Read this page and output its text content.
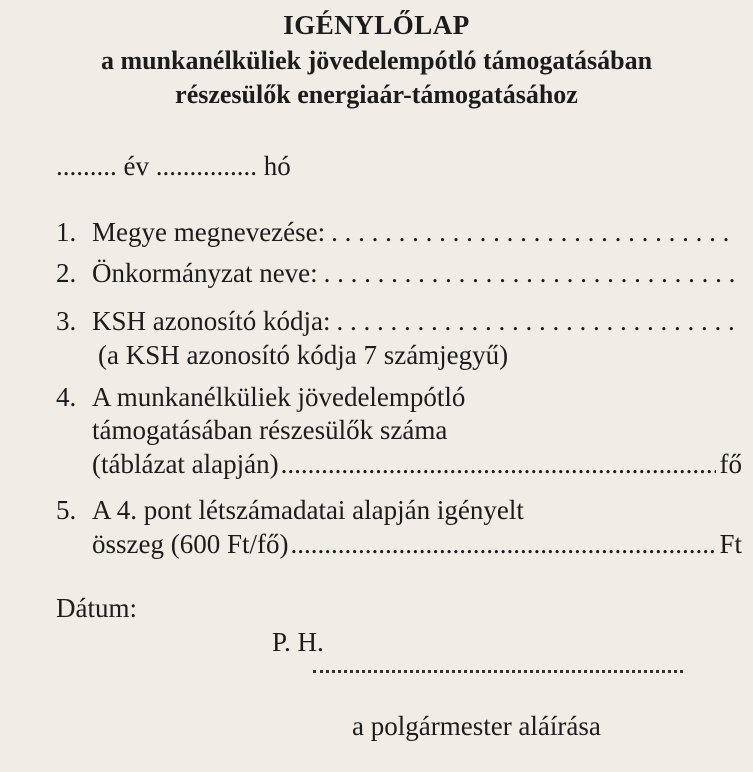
IGÉNYLŐLAP
a munkanélküliek jövedelempótló támogatásában
részesülők energiaár-támogatásához
......... év ............... hó
1. Megye megnevezése:
. . .
2. Önkormányzat neve:
. . .
3. KSH azonosító kódja:
. . .
(a KSH azonosító kódja 7 számjegyű)
4. A munkanélküliek jövedelempótló
támogatásában részesülők száma
(táblázat alapján) .....	fő
5. A 4. pont létszámadatai alapján igényelt
összeg (600 Ft/fő) .....	Ft
Dátum:
P. H.
a polgármester aláírása
